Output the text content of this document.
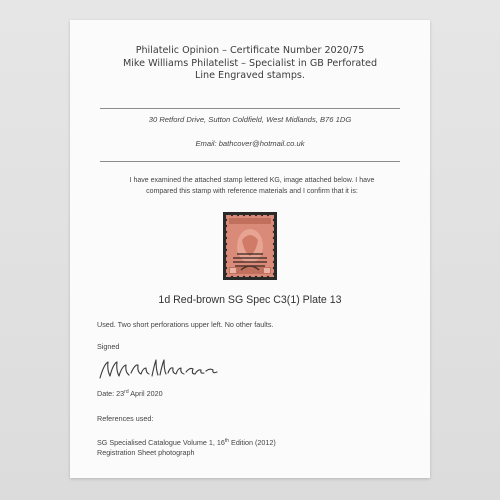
Philatelic Opinion – Certificate Number 2020/75
Mike Williams Philatelist – Specialist in GB Perforated
Line Engraved stamps.
30 Retford Drive, Sutton Coldfield, West Midlands, B76 1DG
Email: bathcover@hotmail.co.uk
I have examined the attached stamp lettered KG, image attached below. I have
compared this stamp with reference materials and I confirm that it is:
1d Red-brown SG Spec C3(1) Plate 13
Used. Two short perforations upper left. No other faults.
Signed
Date: 23rd April 2020
References used:
SG Specialised Catalogue Volume 1, 16th Edition (2012)
Registration Sheet photograph
